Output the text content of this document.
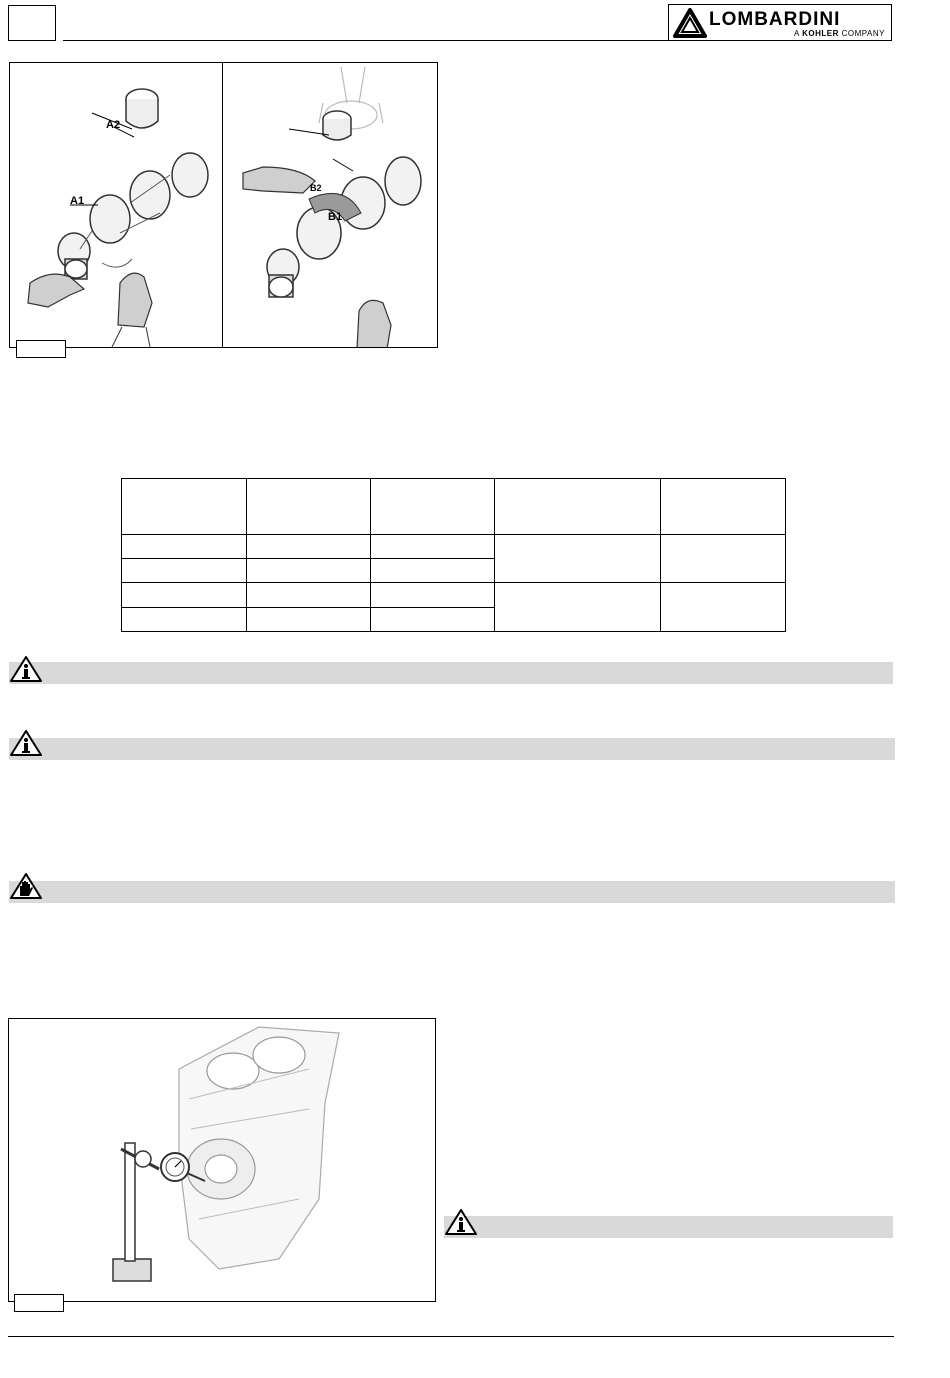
LOMBARDINI
A KOHLER COMPANY
A2
A1
B2
B1
